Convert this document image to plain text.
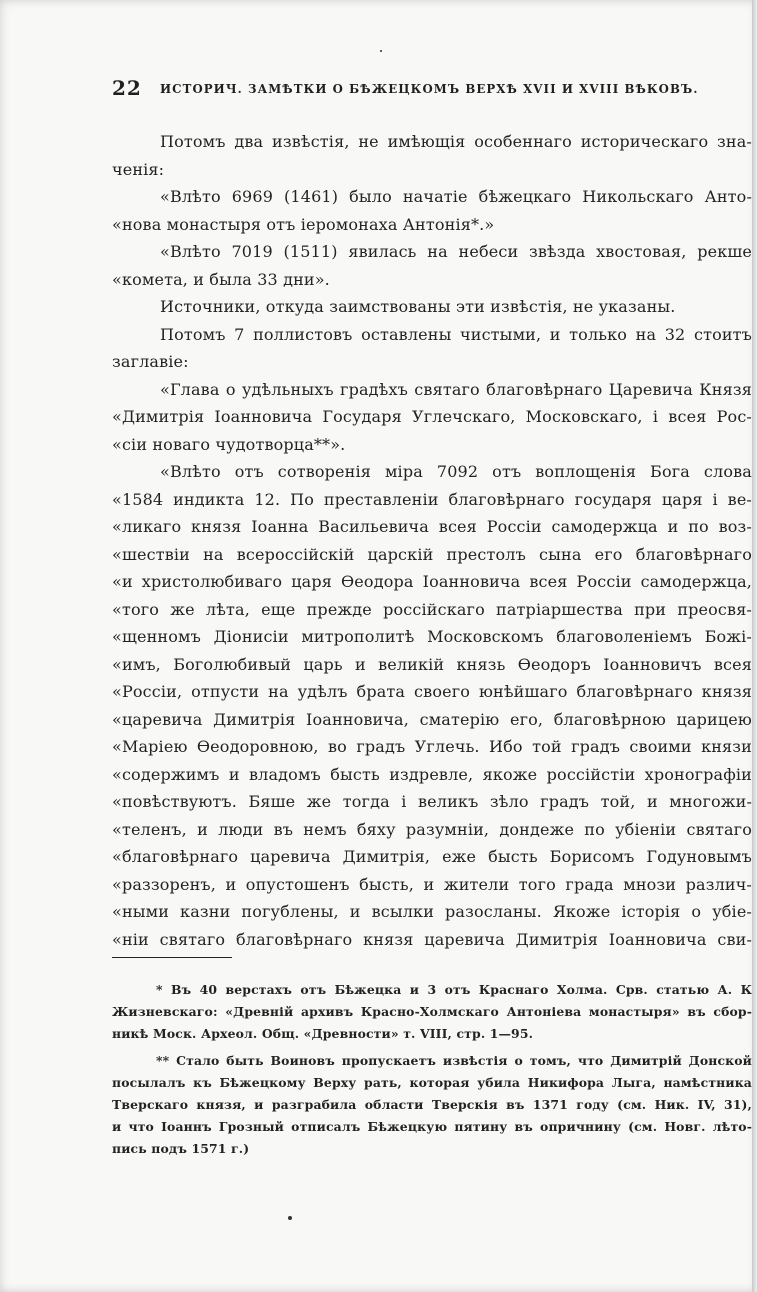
22 ИСТОРИЧ. ЗАМѢТКИ О БѢЖЕЦКОМЪ ВЕРХѢ XVII И XVIII ВѢКОВЪ.
Потомъ два извѣстія, не имѣющія особеннаго историческаго зна-
ченія:
«Влѣто 6969 (1461) было начатіе бѣжецкаго Никольскаго Анто-
«нова монастыря отъ іеромонаха Антонія*.»
«Влѣто 7019 (1511) явилась на небеси звѣзда хвостовая, рекше
«комета, и была 33 дни».
Источники, откуда заимствованы эти извѣстія, не указаны.
Потомъ 7 поллистовъ оставлены чистыми, и только на 32 стоитъ
заглавіе:
«Глава о удѣльныхъ градѣхъ святаго благовѣрнаго Царевича Князя
«Димитрія Іоанновича Государя Углечскаго, Московскаго, і всея Рос-
«сіи новаго чудотворца**».
«Влѣто отъ сотворенія міра 7092 отъ воплощенія Бога слова
«1584 индикта 12. По преставленіи благовѣрнаго государя царя і ве-
«ликаго князя Іоанна Васильевича всея Россіи самодержца и по воз-
«шествіи на всероссійскій царскій престолъ сына его благовѣрнаго
«и христолюбиваго царя Ѳеодора Іоанновича всея Россіи самодержца,
«того же лѣта, еще прежде россійскаго патріаршества при преосвя-
«щенномъ Діонисіи митрополитѣ Московскомъ благоволеніемъ Божі-
«имъ, Боголюбивый царь и великій князь Ѳеодоръ Іоанновичъ всея
«Россіи, отпусти на удѣлъ брата своего юнѣйшаго благовѣрнаго князя
«царевича Димитрія Іоанновича, сматерію его, благовѣрною царицею
«Маріею Ѳеодоровною, во градъ Углечь. Ибо той градъ своими князи
«содержимъ и владомъ бысть издревле, якоже россійстіи хронографіи
«повѣствуютъ. Бяше же тогда і великъ зѣло градъ той, и многожи-
«теленъ, и люди въ немъ бяху разумніи, дондеже по убіеніи святаго
«благовѣрнаго царевича Димитрія, еже бысть Борисомъ Годуновымъ
«раззоренъ, и опустошенъ бысть, и жители того града мнози различ-
«ными казни погублены, и всылки разосланы. Якоже історія о убіе-
«ніи святаго благовѣрнаго князя царевича Димитрія Іоанновича сви-
* Въ 40 верстахъ отъ Бѣжецка и 3 отъ Краснаго Холма. Срв. статью А. К
Жизневскаго: «Древній архивъ Красно-Холмскаго Антоніева монастыря» въ сбор-
никѣ Моск. Археол. Общ. «Древности» т. VIII, стр. 1—95.
** Стало быть Воиновъ пропускаетъ извѣстія о томъ, что Димитрій Донской
посылалъ къ Бѣжецкому Верху рать, которая убила Никифора Лыга, намѣстника
Тверскаго князя, и разграбила области Тверскія въ 1371 году (см. Ник. IV, 31),
и что Іоаннъ Грозный отписалъ Бѣжецкую пятину въ опричнину (см. Новг. лѣто-
пись подъ 1571 г.)
